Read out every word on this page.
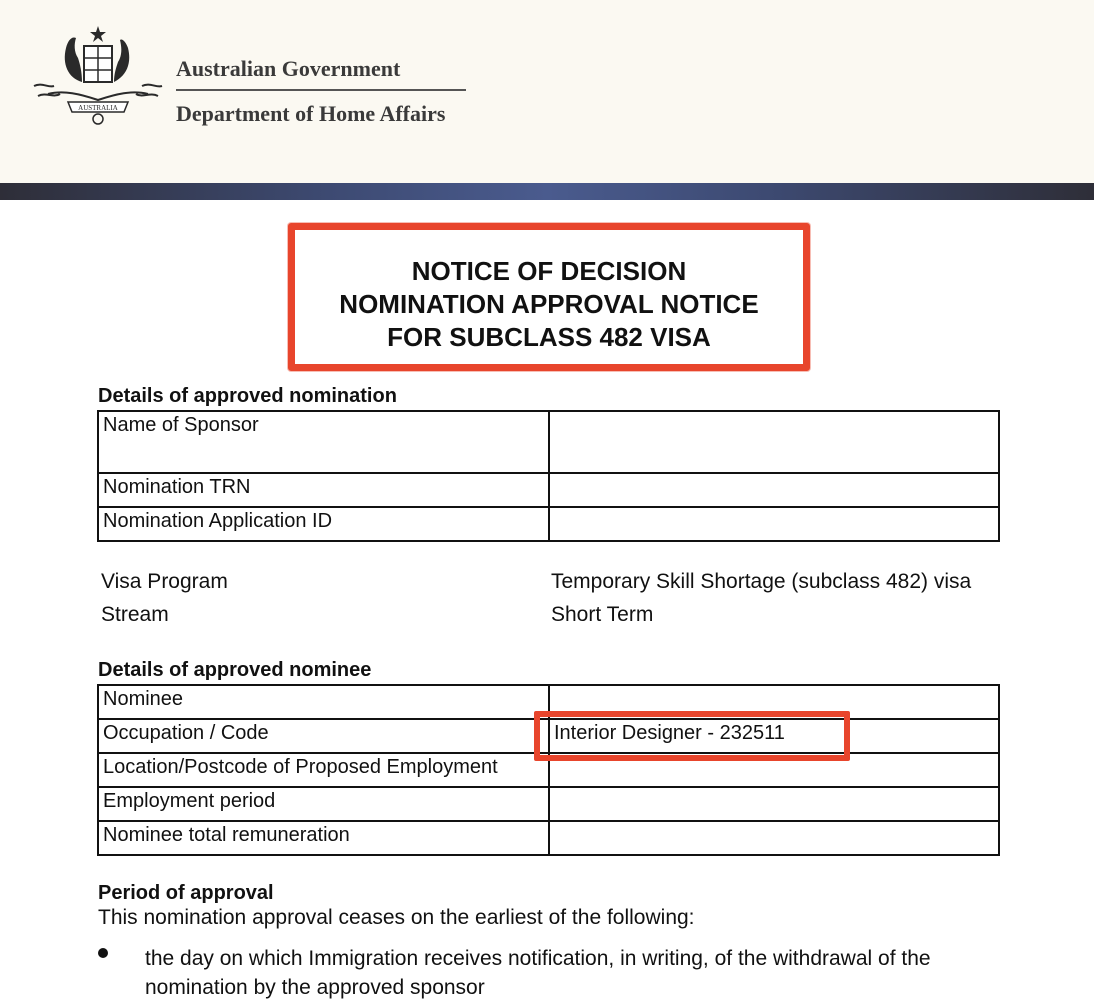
AUSTRALIA
Australian Government
Department of Home Affairs
NOTICE OF DECISION
NOMINATION APPROVAL NOTICE
FOR SUBCLASS 482 VISA
Details of approved nomination
Name of Sponsor	
Nomination TRN	
Nomination Application ID	
Visa Program	Temporary Skill Shortage (subclass 482) visa
Stream	Short Term
Details of approved nominee
Nominee	
Occupation / Code	Interior Designer - 232511
Location/Postcode of Proposed Employment	
Employment period	
Nominee total remuneration	
Period of approval
This nomination approval ceases on the earliest of the following:
the day on which Immigration receives notification, in writing, of the withdrawal of the nomination by the approved sponsor
